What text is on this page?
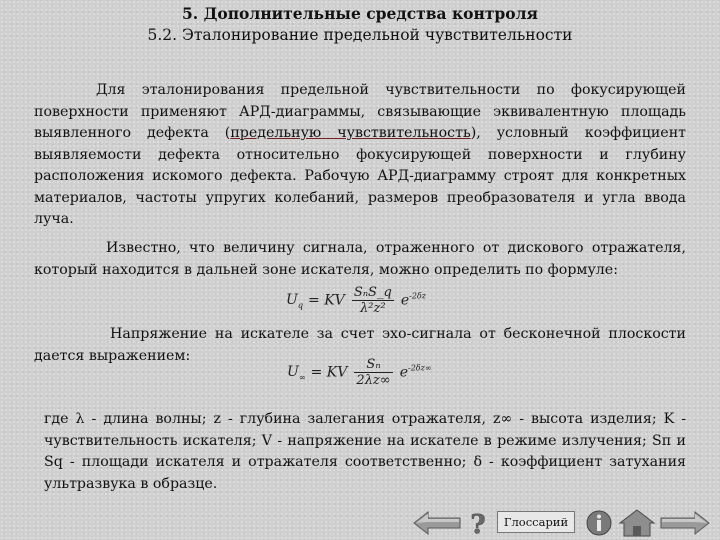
5. Дополнительные средства контроля
5.2. Эталонирование предельной чувствительности
Для эталонирования предельной чувствительности по фокусирующей поверхности применяют АРД-диаграммы, связывающие эквивалентную площадь выявленного дефекта (предельную чувствительность), условный коэффициент выявляемости дефекта относительно фокусирующей поверхности и глубину расположения искомого дефекта. Рабочую АРД-диаграмму строят для конкретных материалов, частоты упругих колебаний, размеров преобразователя и угла ввода луча.
Известно, что величину сигнала, отраженного от дискового отражателя, который находится в дальней зоне искателя, можно определить по формуле:
$U_q$ = KV $\frac{\text{SₙS\_q}}{\text{λ²z²}} e^{-2\delta z}$
Напряжение на искателе за счет эхо-сигнала от бесконечной плоскости дается выражением:
$U_\infty$ = KV $\frac{\text{Sₙ}}{2\lambda z\infty} e^{-2\delta z\infty}$
где λ - длина волны; z - глубина залегания отражателя, z∞ - высота изделия; K - чувствительность искателя; V - напряжение на искателе в режиме излучения; Sп и Sq - площади искателя и отражателя соответственно; δ - коэффициент затухания ультразвука в образце.
? Глоссарий
